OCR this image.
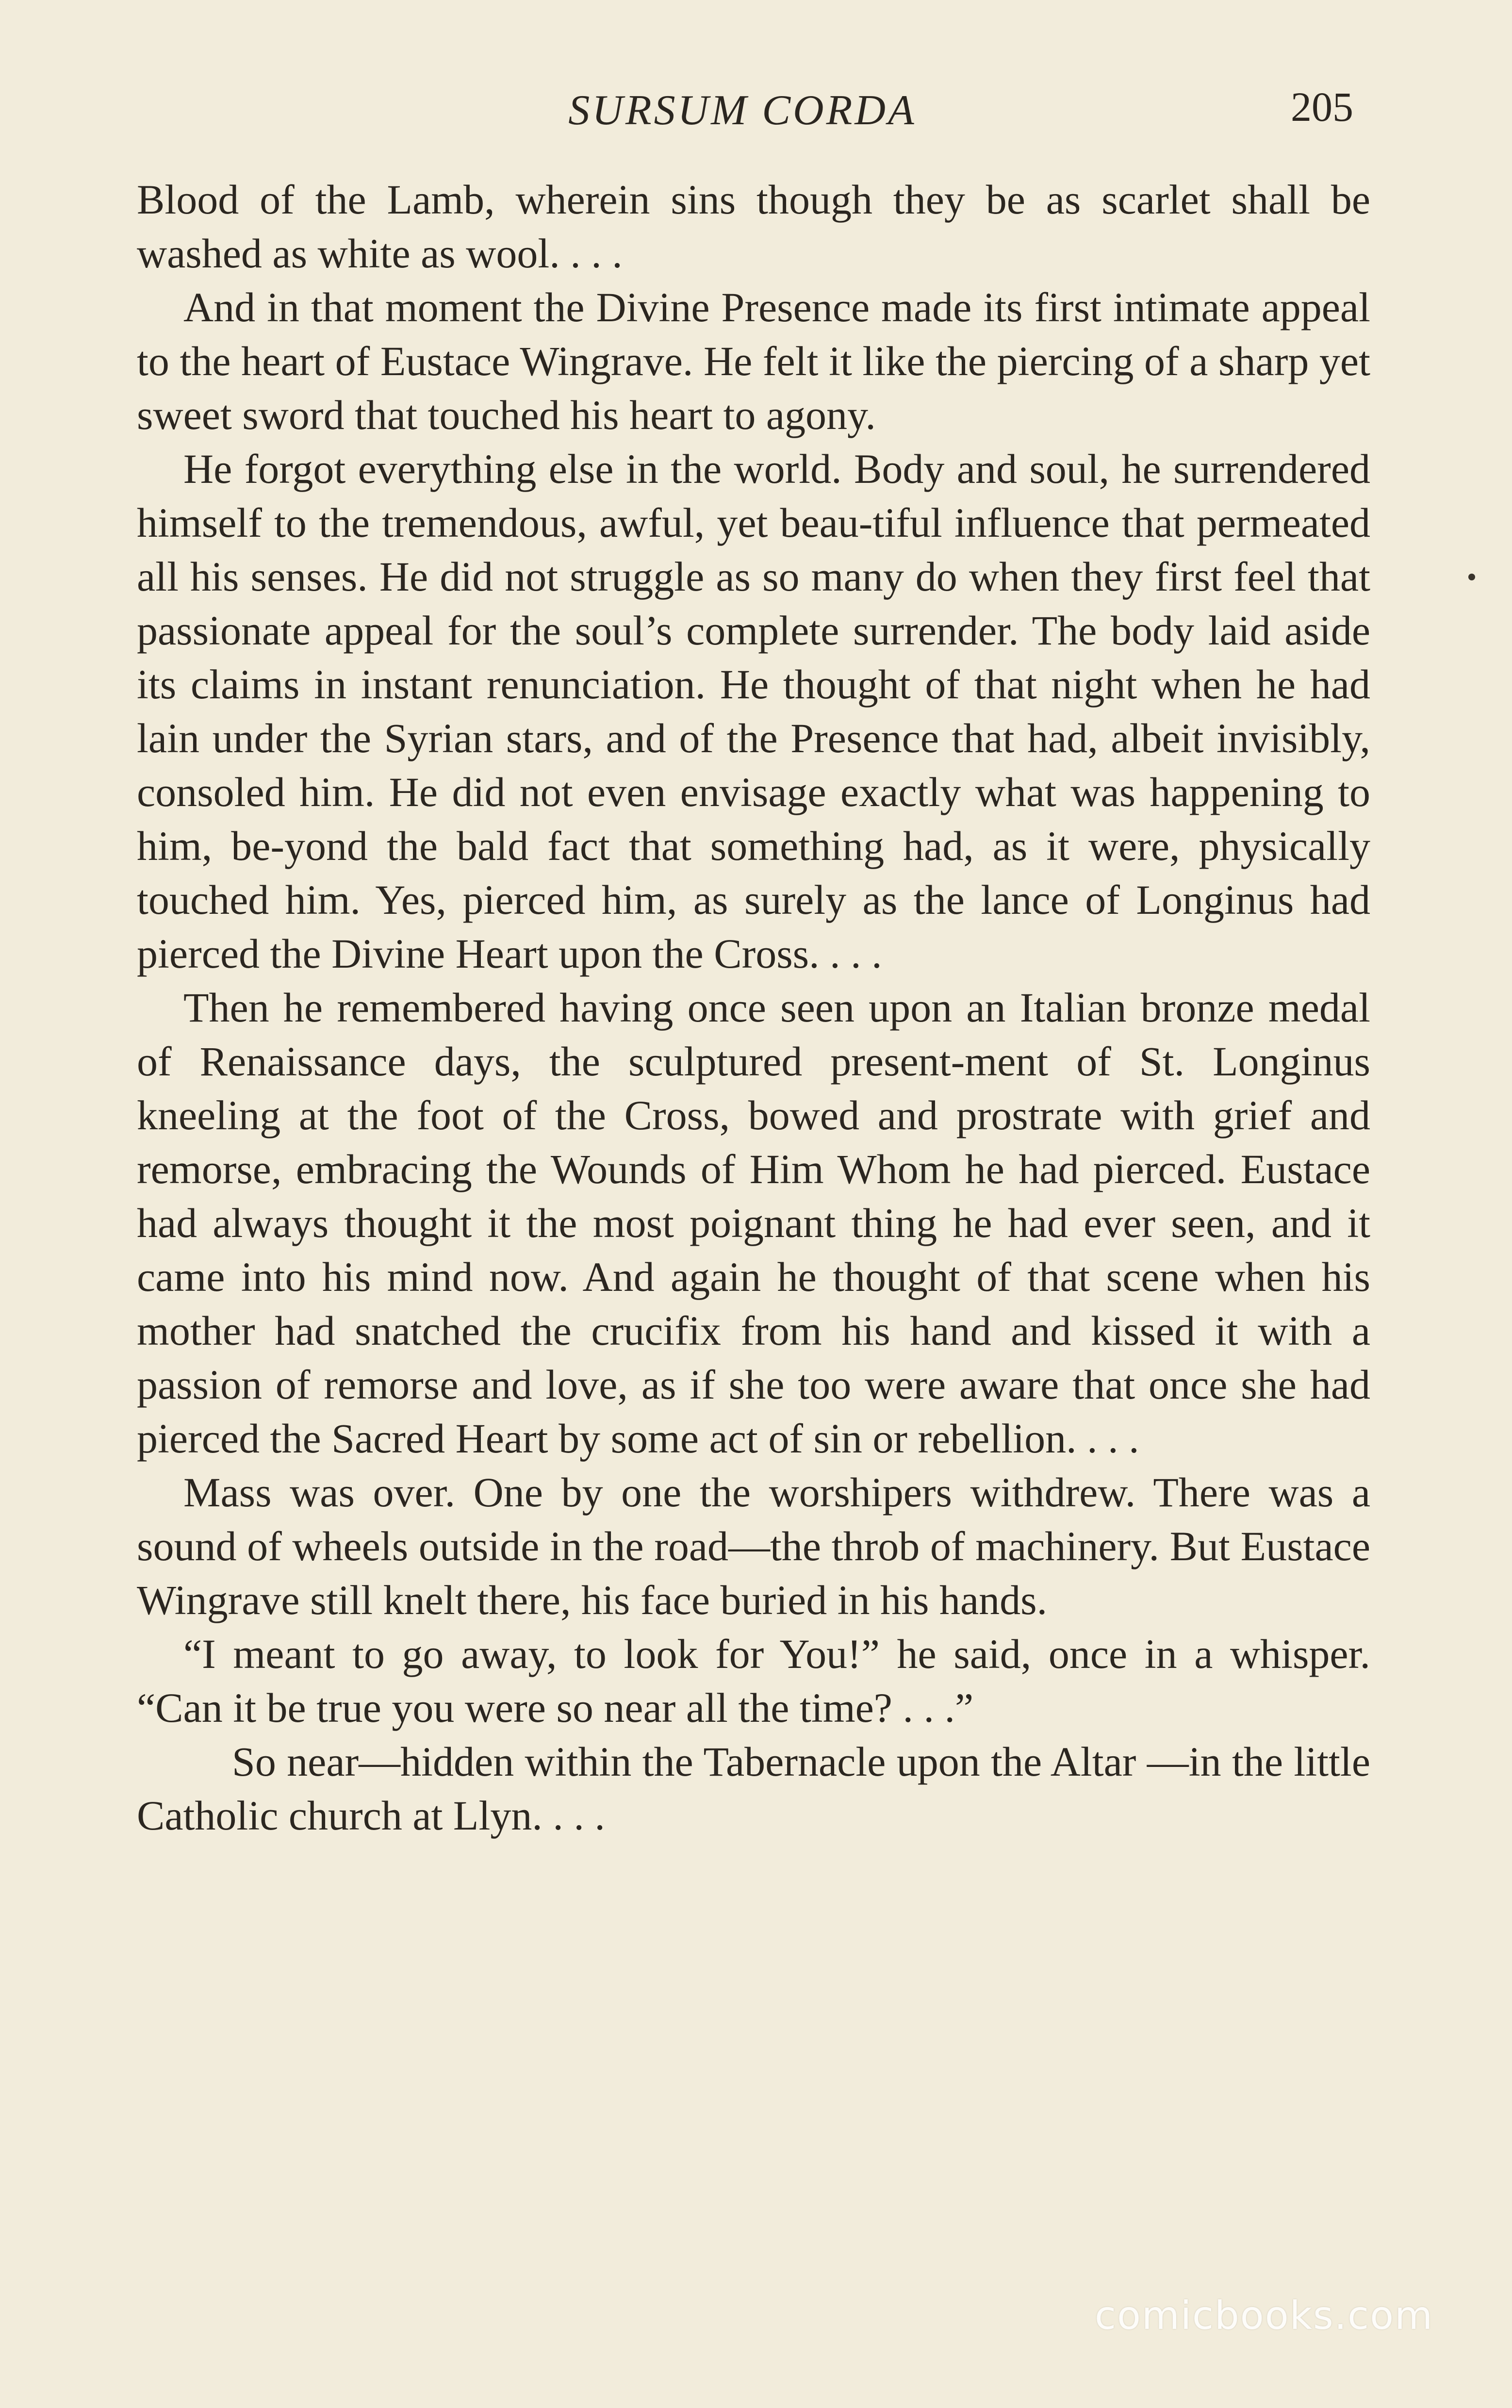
SURSUM CORDA	205

Blood of the Lamb, wherein sins though they be as scarlet shall be washed as white as wool. . . .

And in that moment the Divine Presence made its first intimate appeal to the heart of Eustace Wingrave. He felt it like the piercing of a sharp yet sweet sword that touched his heart to agony.

He forgot everything else in the world. Body and soul, he surrendered himself to the tremendous, awful, yet beau-tiful influence that permeated all his senses. He did not struggle as so many do when they first feel that passionate appeal for the soul’s complete surrender. The body laid aside its claims in instant renunciation. He thought of that night when he had lain under the Syrian stars, and of the Presence that had, albeit invisibly, consoled him. He did not even envisage exactly what was happening to him, be-yond the bald fact that something had, as it were, physically touched him. Yes, pierced him, as surely as the lance of Longinus had pierced the Divine Heart upon the Cross. . . .

Then he remembered having once seen upon an Italian bronze medal of Renaissance days, the sculptured present-ment of St. Longinus kneeling at the foot of the Cross, bowed and prostrate with grief and remorse, embracing the Wounds of Him Whom he had pierced. Eustace had always thought it the most poignant thing he had ever seen, and it came into his mind now. And again he thought of that scene when his mother had snatched the crucifix from his hand and kissed it with a passion of remorse and love, as if she too were aware that once she had pierced the Sacred Heart by some act of sin or rebellion. . . .

Mass was over. One by one the worshipers withdrew. There was a sound of wheels outside in the road—the throb of machinery. But Eustace Wingrave still knelt there, his face buried in his hands.

“I meant to go away, to look for You!” he said, once in a whisper. “Can it be true you were so near all the time? . . .”

So near—hidden within the Tabernacle upon the Altar —in the little Catholic church at Llyn. . . .

comicbooks.com
